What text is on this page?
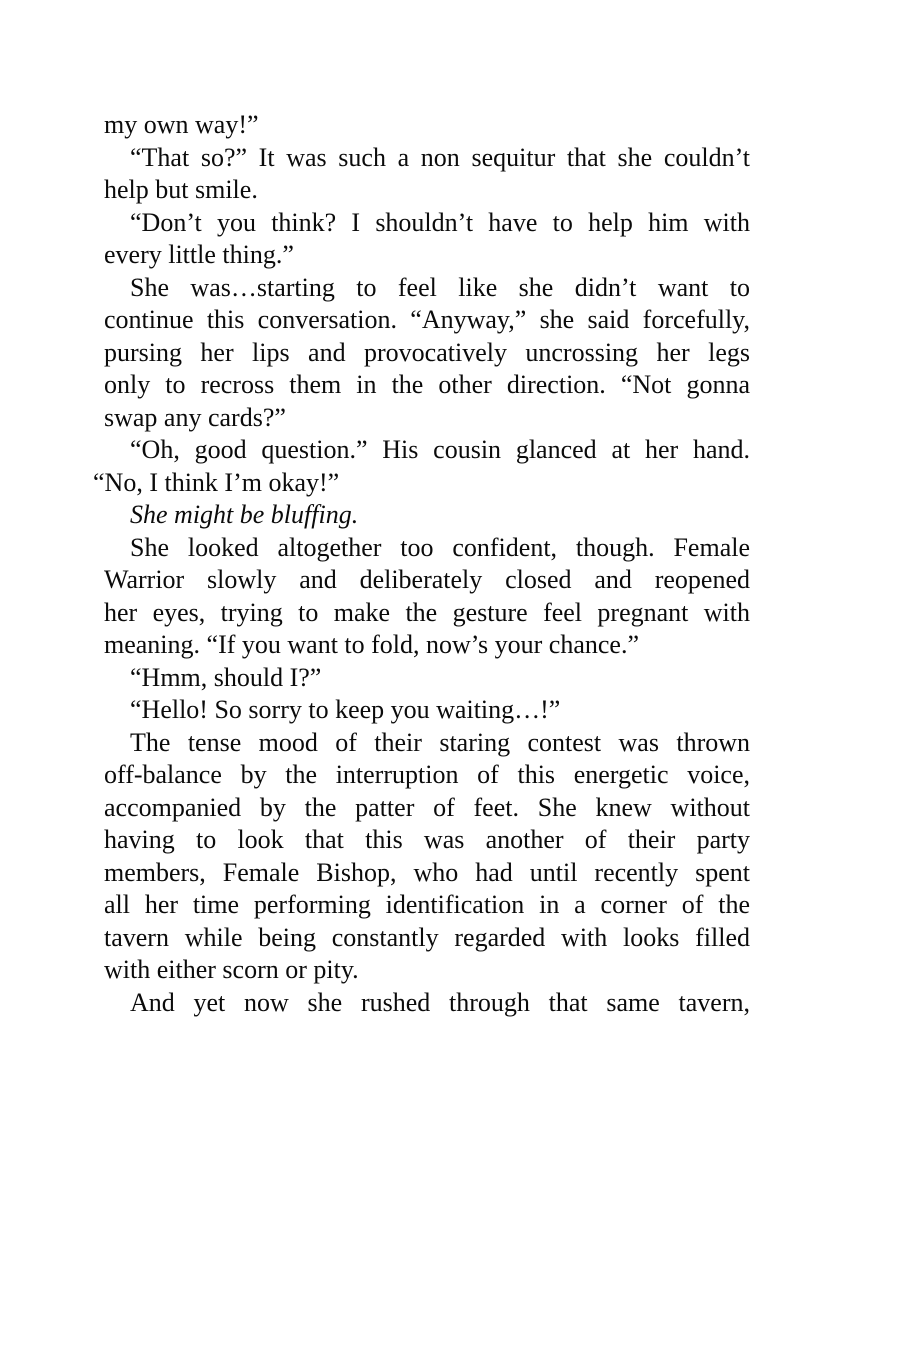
my own way!”
“That so?” It was such a non sequitur that she couldn’t
help but smile.
“Don’t you think? I shouldn’t have to help him with
every little thing.”
She was…starting to feel like she didn’t want to
continue this conversation. “Anyway,” she said forcefully,
pursing her lips and provocatively uncrossing her legs
only to recross them in the other direction. “Not gonna
swap any cards?”
“Oh, good question.” His cousin glanced at her hand.
“No, I think I’m okay!”
She might be bluffing.
She looked altogether too confident, though. Female
Warrior slowly and deliberately closed and reopened
her eyes, trying to make the gesture feel pregnant with
meaning. “If you want to fold, now’s your chance.”
“Hmm, should I?”
“Hello! So sorry to keep you waiting…!”
The tense mood of their staring contest was thrown
off-balance by the interruption of this energetic voice,
accompanied by the patter of feet. She knew without
having to look that this was another of their party
members, Female Bishop, who had until recently spent
all her time performing identification in a corner of the
tavern while being constantly regarded with looks filled
with either scorn or pity.
And yet now she rushed through that same tavern,
